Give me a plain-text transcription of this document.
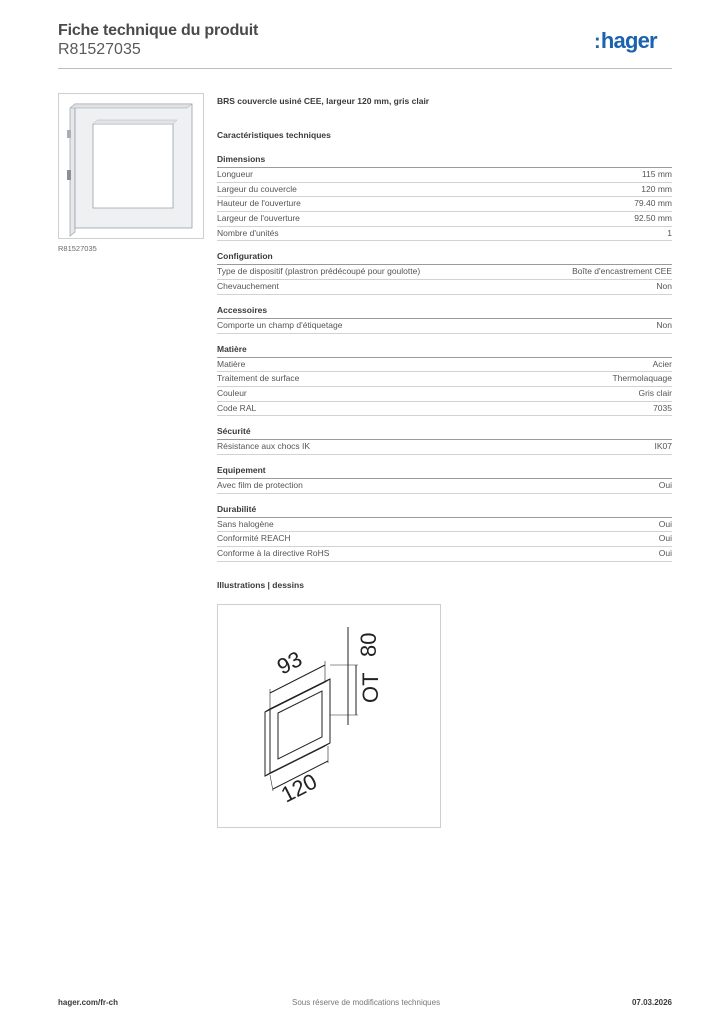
Fiche technique du produit
R81527035	:hager
R81527035
BRS couvercle usiné CEE, largeur 120 mm, gris clair
Caractéristiques techniques
Dimensions
Longueur	115 mm
Largeur du couvercle	120 mm
Hauteur de l'ouverture	79.40 mm
Largeur de l'ouverture	92.50 mm
Nombre d'unités	1
Configuration
Type de dispositif (plastron prédécoupé pour goulotte)	Boîte d'encastrement CEE
Chevauchement	Non
Accessoires
Comporte un champ d'étiquetage	Non
Matière
Matière	Acier
Traitement de surface	Thermolaquage
Couleur	Gris clair
Code RAL	7035
Sécurité
Résistance aux chocs IK	IK07
Equipement
Avec film de protection	Oui
Durabilité
Sans halogène	Oui
Conformité REACH	Oui
Conforme à la directive RoHS	Oui
Illustrations | dessins
93
80
OT
120
hager.com/fr-ch	Sous réserve de modifications techniques	07.03.2026
